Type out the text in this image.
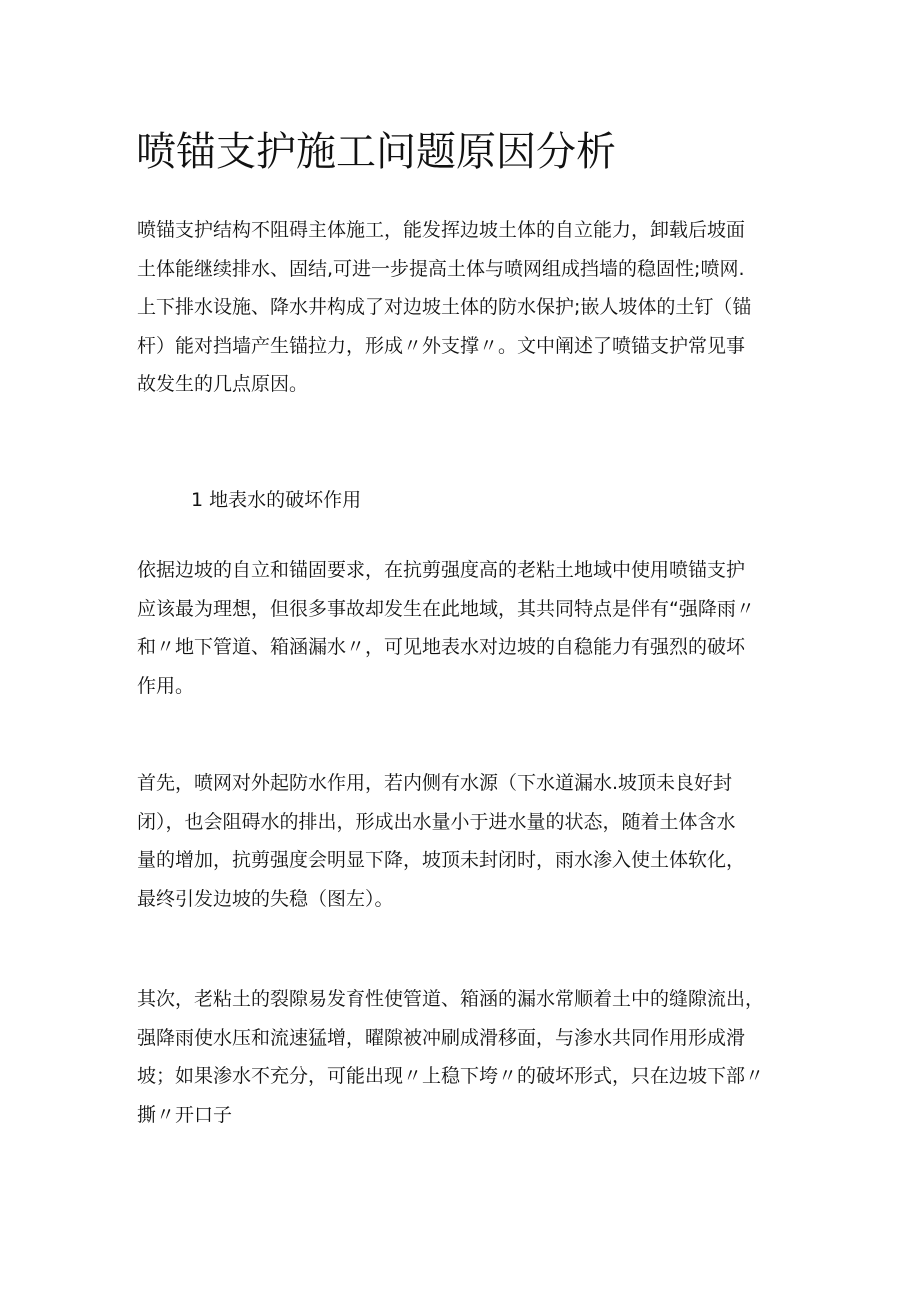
喷锚支护施工问题原因分析

喷锚支护结构不阻碍主体施工，能发挥边坡土体的自立能力，卸载后坡面
土体能继续排水、固结,可进一步提高土体与喷网组成挡墙的稳固性;喷网.
上下排水设施、降水井构成了对边坡土体的防水保护;嵌人坡体的土钉（锚
杆）能对挡墙产生锚拉力，形成〃外支撑〃。文中阐述了喷锚支护常见事
故发生的几点原因。

1 地表水的破坏作用

依据边坡的自立和锚固要求，在抗剪强度高的老粘土地域中使用喷锚支护
应该最为理想，但很多事故却发生在此地域，其共同特点是伴有“强降雨〃
和〃地下管道、箱涵漏水〃，可见地表水对边坡的自稳能力有强烈的破坏
作用。

首先，喷网对外起防水作用，若内侧有水源（下水道漏水.坡顶未良好封
闭），也会阻碍水的排出，形成出水量小于进水量的状态，随着土体含水
量的增加，抗剪强度会明显下降，坡顶未封闭时，雨水渗入使土体软化，
最终引发边坡的失稳（图左）。

其次，老粘土的裂隙易发育性使管道、箱涵的漏水常顺着土中的缝隙流出，
强降雨使水压和流速猛增，曜隙被冲刷成滑移面，与渗水共同作用形成滑
坡；如果渗水不充分，可能出现〃上稳下垮〃的破坏形式，只在边坡下部〃
撕〃开口子
